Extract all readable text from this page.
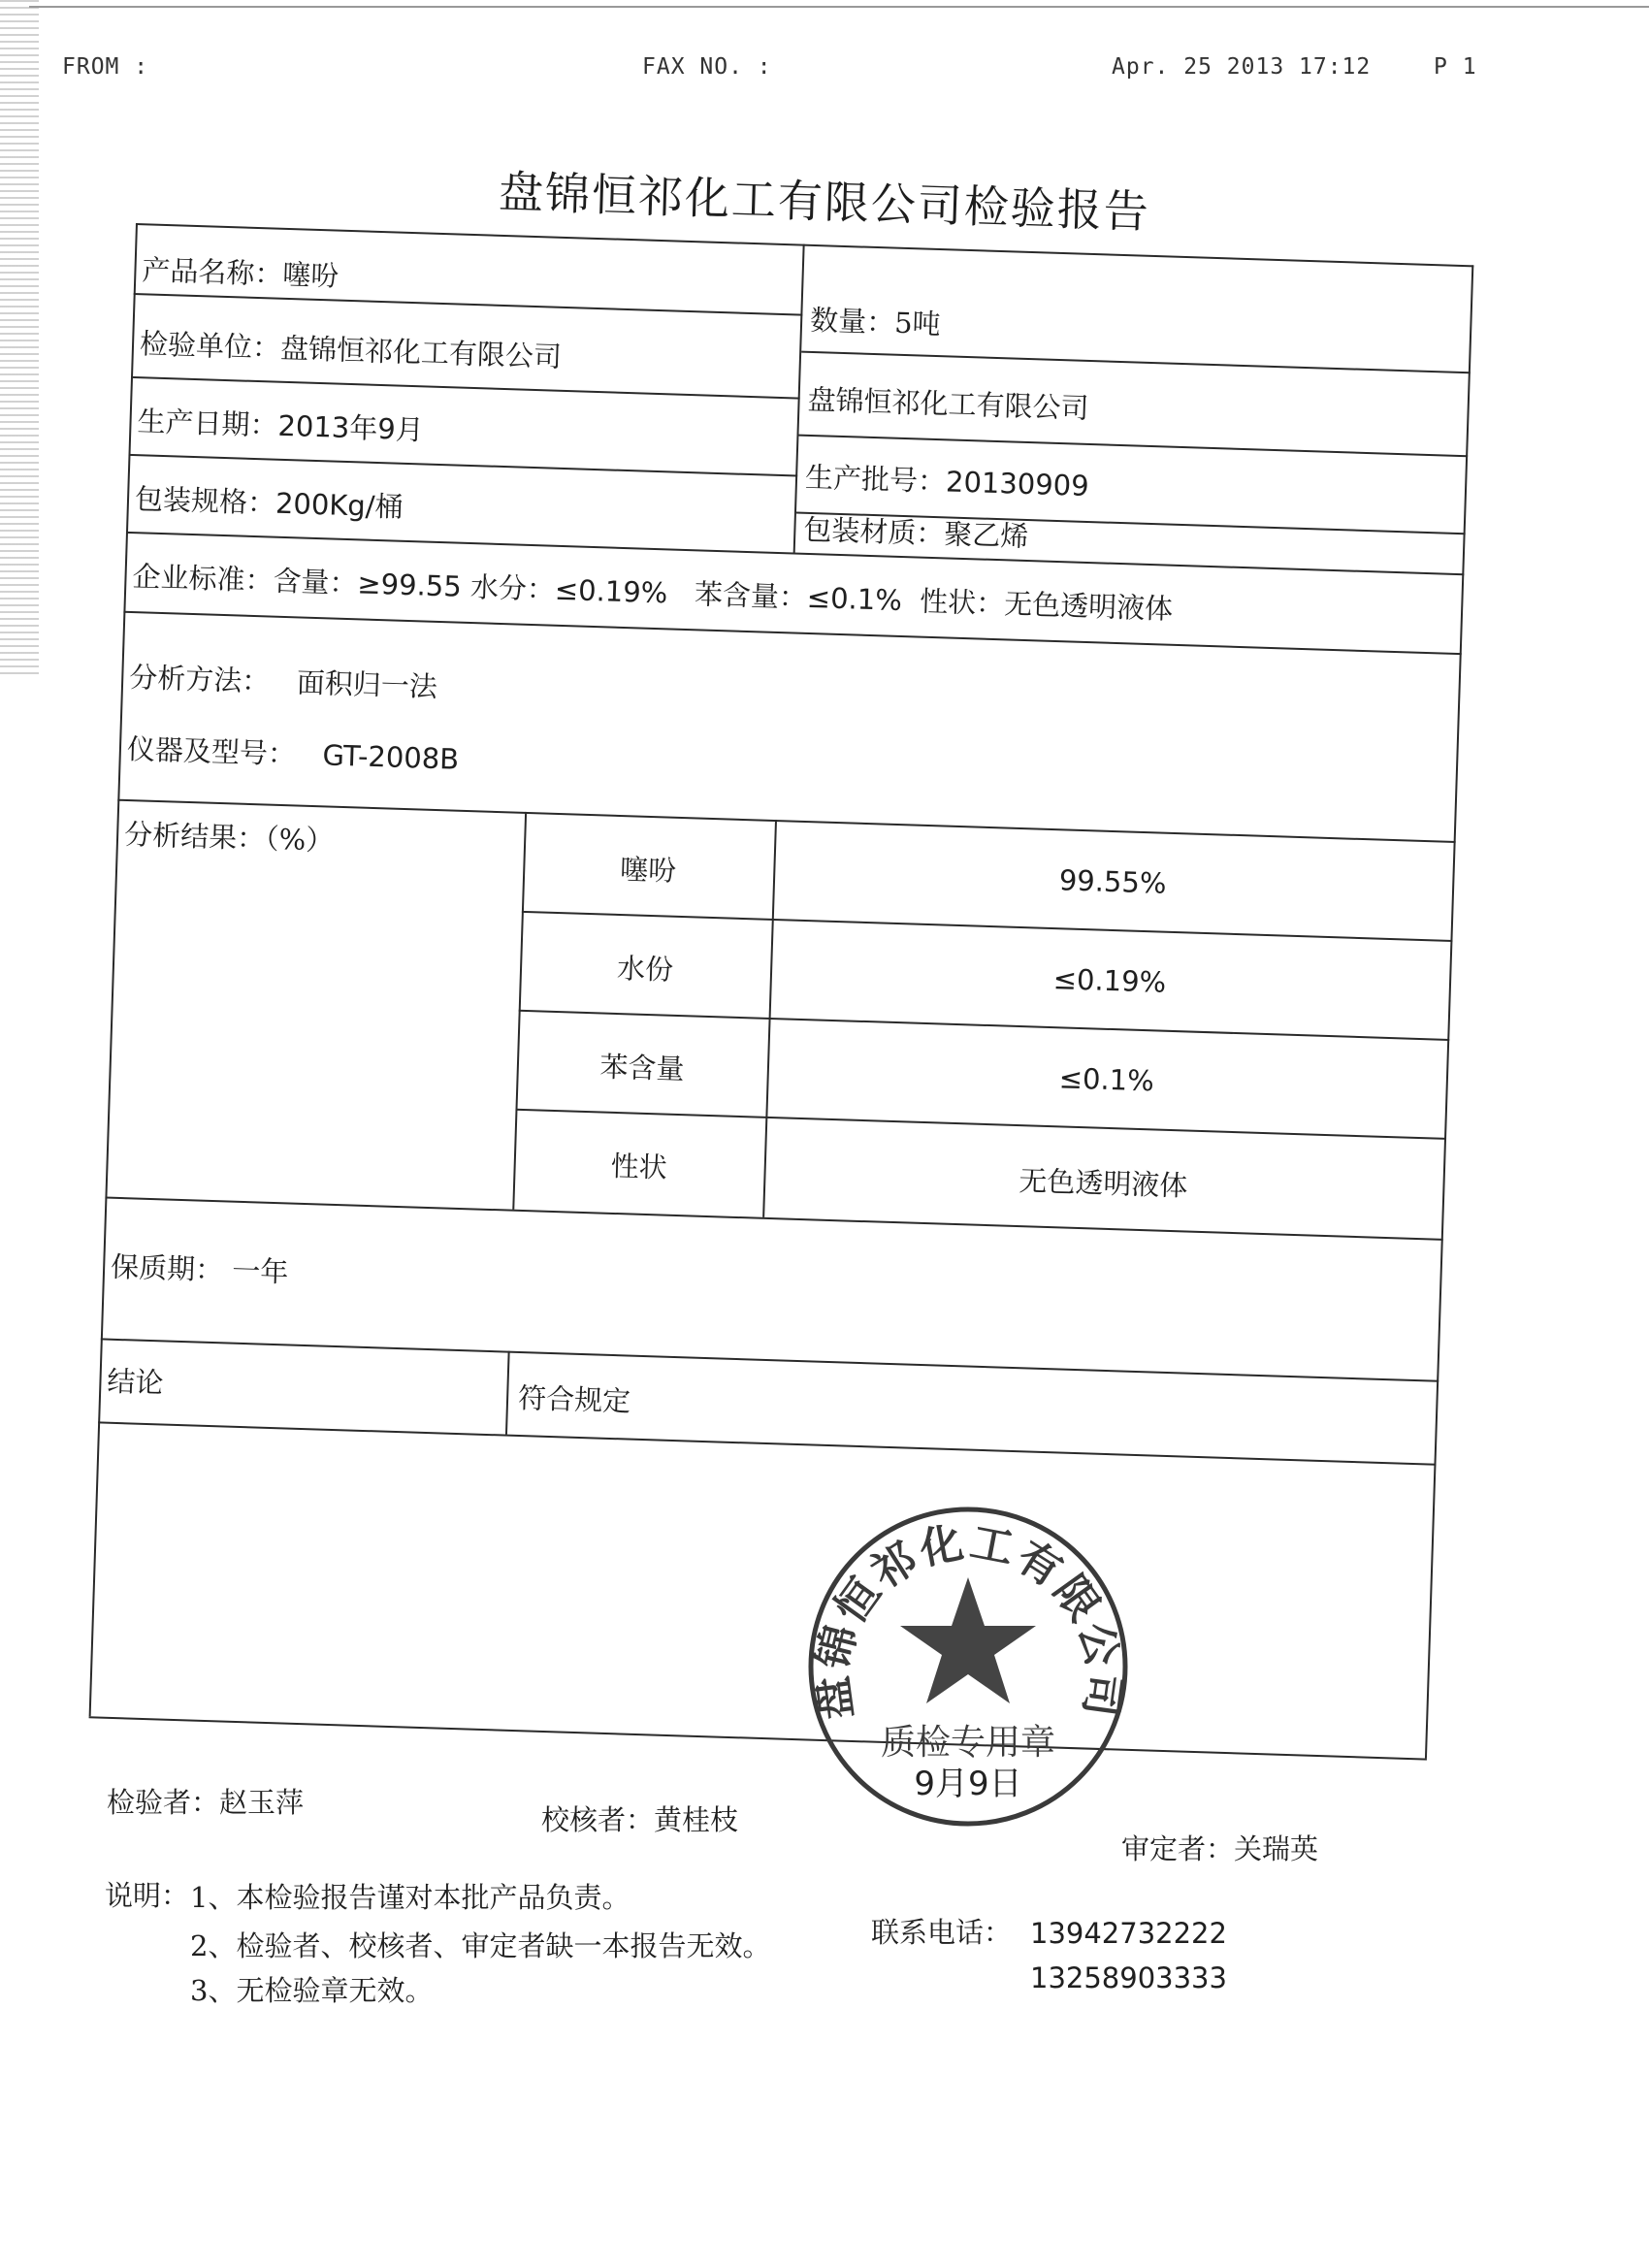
FROM :	FAX NO. :	Apr. 25 2013 17:12	P 1
盘锦恒祁化工有限公司检验报告
产品名称：噻吩
数量：5吨
检验单位：盘锦恒祁化工有限公司
盘锦恒祁化工有限公司
生产日期：2013年9月
生产批号：20130909
包装规格：200Kg/桶
包装材质：聚乙烯
企业标准：含量：≥99.55 水分：≤0.19% 苯含量：≤0.1% 性状：无色透明液体
分析方法： 面积归一法
仪器及型号： GT-2008B
分析结果：（%）
噻吩	99.55%
水份	≤0.19%
苯含量	≤0.1%
性状	无色透明液体
保质期： 一年
结论	符合规定
盘锦恒祁化工有限公司
质检专用章
9月9日
检验者：赵玉萍
校核者：黄桂枝
审定者：关瑞英
说明： 1、本检验报告谨对本批产品负责。
2、检验者、校核者、审定者缺一本报告无效。
3、无检验章无效。
联系电话： 13942732222
13258903333
